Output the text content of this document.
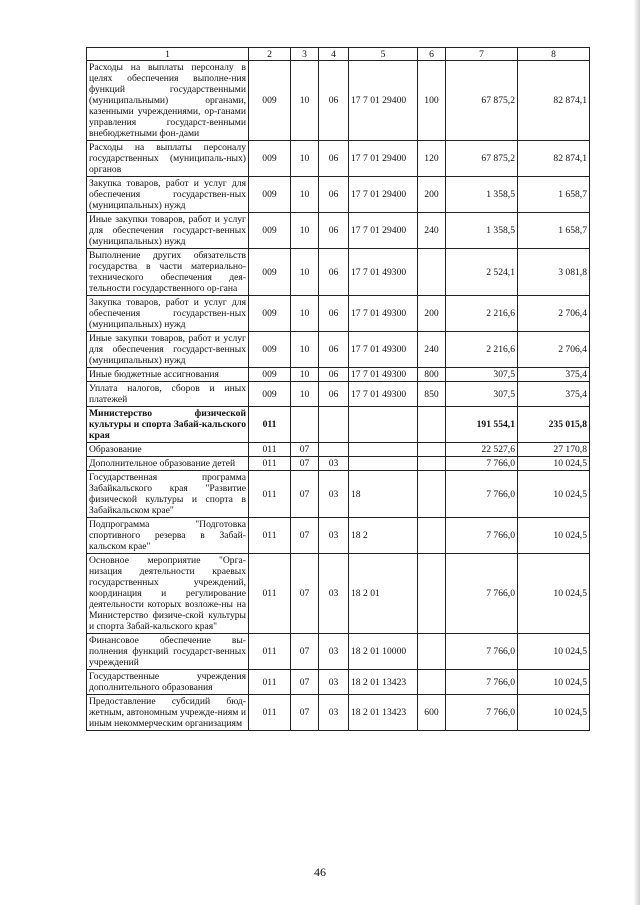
1	2	3	4	5	6	7	8
Расходы на выплаты персоналу в целях обеспечения выполне-ния функций государственными (муниципальными) органами, казенными учреждениями, ор-ганами управления государст-венными внебюджетными фон-дами	009	10	06	17 7 01 29400	100	67 875,2	82 874,1
Расходы на выплаты персоналу государственных (муниципаль-ных) органов	009	10	06	17 7 01 29400	120	67 875,2	82 874,1
Закупка товаров, работ и услуг для обеспечения государствен-ных (муниципальных) нужд	009	10	06	17 7 01 29400	200	1 358,5	1 658,7
Иные закупки товаров, работ и услуг для обеспечения государст-венных (муниципальных) нужд	009	10	06	17 7 01 29400	240	1 358,5	1 658,7
Выполнение других обязательств государства в части материально-технического обеспечения дея-тельности государственного ор-гана	009	10	06	17 7 01 49300		2 524,1	3 081,8
Закупка товаров, работ и услуг для обеспечения государствен-ных (муниципальных) нужд	009	10	06	17 7 01 49300	200	2 216,6	2 706,4
Иные закупки товаров, работ и услуг для обеспечения государст-венных (муниципальных) нужд	009	10	06	17 7 01 49300	240	2 216,6	2 706,4
Иные бюджетные ассигнования	009	10	06	17 7 01 49300	800	307,5	375,4
Уплата налогов, сборов и иных платежей	009	10	06	17 7 01 49300	850	307,5	375,4
Министерство физической культуры и спорта Забай-кальского края	011					191 554,1	235 015,8
Образование	011	07				22 527,6	27 170,8
Дополнительное образование детей	011	07	03			7 766,0	10 024,5
Государственная программа Забайкальского края "Развитие физической культуры и спорта в Забайкальском крае"	011	07	03	18		7 766,0	10 024,5
Подпрограмма "Подготовка спортивного резерва в Забай-кальском крае"	011	07	03	18 2		7 766,0	10 024,5
Основное мероприятие "Орга-низация деятельности краевых государственных учреждений, координация и регулирование деятельности которых возложе-ны на Министерство физиче-ской культуры и спорта Забай-кальского края"	011	07	03	18 2 01		7 766,0	10 024,5
Финансовое обеспечение вы-полнения функций государст-венных учреждений	011	07	03	18 2 01 10000		7 766,0	10 024,5
Государственные учреждения дополнительного образования	011	07	03	18 2 01 13423		7 766,0	10 024,5
Предоставление субсидий бюд-жетным, автономным учрежде-ниям и иным некоммерческим организациям	011	07	03	18 2 01 13423	600	7 766,0	10 024,5
46
